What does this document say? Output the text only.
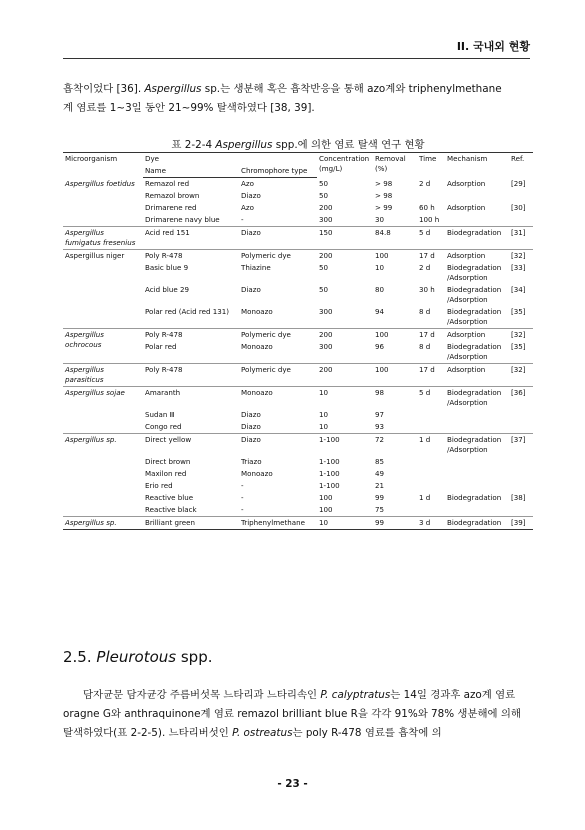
II. 국내외 현황

흡착이었다 [36]. Aspergillus sp.는 생분해 혹은 흡착반응을 통해 azo계와 triphenylmethane

계 염료를 1~3일 동안 21~99% 탈색하였다 [38, 39].

표 2-2-4 Aspergillus spp.에 의한 염료 탈색 연구 현황
Microorganism	Dye		Concentration (mg/L)	Removal (%)	Time	Mechanism	Ref.
	Name	Chromophore type					
Aspergillus foetidus	Remazol red	Azo	50	> 98	2 d	Adsorption	[29]
	Remazol brown	Diazo	50	> 98			
	Drimarene red	Azo	200	> 99	60 h	Adsorption	[30]
	Drimarene navy blue	-	300	30	100 h		
Aspergillus fumigatus fresenius	Acid red 151	Diazo	150	84.8	5 d	Biodegradation	[31]
Aspergillus niger	Poly R-478	Polymeric dye	200	100	17 d	Adsorption	[32]
	Basic blue 9	Thiazine	50	10	2 d	Biodegradation /Adsorption	[33]
	Acid blue 29	Diazo	50	80	30 h	Biodegradation /Adsorption	[34]
	Polar red (Acid red 131)	Monoazo	300	94	8 d	Biodegradation /Adsorption	[35]
Aspergillus ochrocous	Poly R-478	Polymeric dye	200	100	17 d	Adsorption	[32]
	Polar red	Monoazo	300	96	8 d	Biodegradation /Adsorption	[35]
Aspergillus parasiticus	Poly R-478	Polymeric dye	200	100	17 d	Adsorption	[32]
Aspergillus sojae	Amaranth	Monoazo	10	98	5 d	Biodegradation /Adsorption	[36]
	Sudan Ⅲ	Diazo	10	97			
	Congo red	Diazo	10	93			
Aspergillus sp.	Direct yellow	Diazo	1-100	72	1 d	Biodegradation /Adsorption	[37]
	Direct brown	Triazo	1-100	85			
	Maxilon red	Monoazo	1-100	49			
	Erio red	-	1-100	21			
	Reactive blue	-	100	99	1 d	Biodegradation	[38]
	Reactive black	-	100	75			
Aspergillus sp.	Brilliant green	Triphenylmethane	10	99	3 d	Biodegradation	[39]
2.5. Pleurotous spp.

담자균문 담자균강 주름버섯목 느타리과 느타리속인 P. calyptratus는 14일 경과후 azo계 염료 oragne G와 anthraquinone계 염료 remazol brilliant blue R을 각각 91%와 78% 생분해에 의해 탈색하였다(표 2-2-5). 느타리버섯인 P. ostreatus는 poly R-478 염료를 흡착에 의

- 23 -
